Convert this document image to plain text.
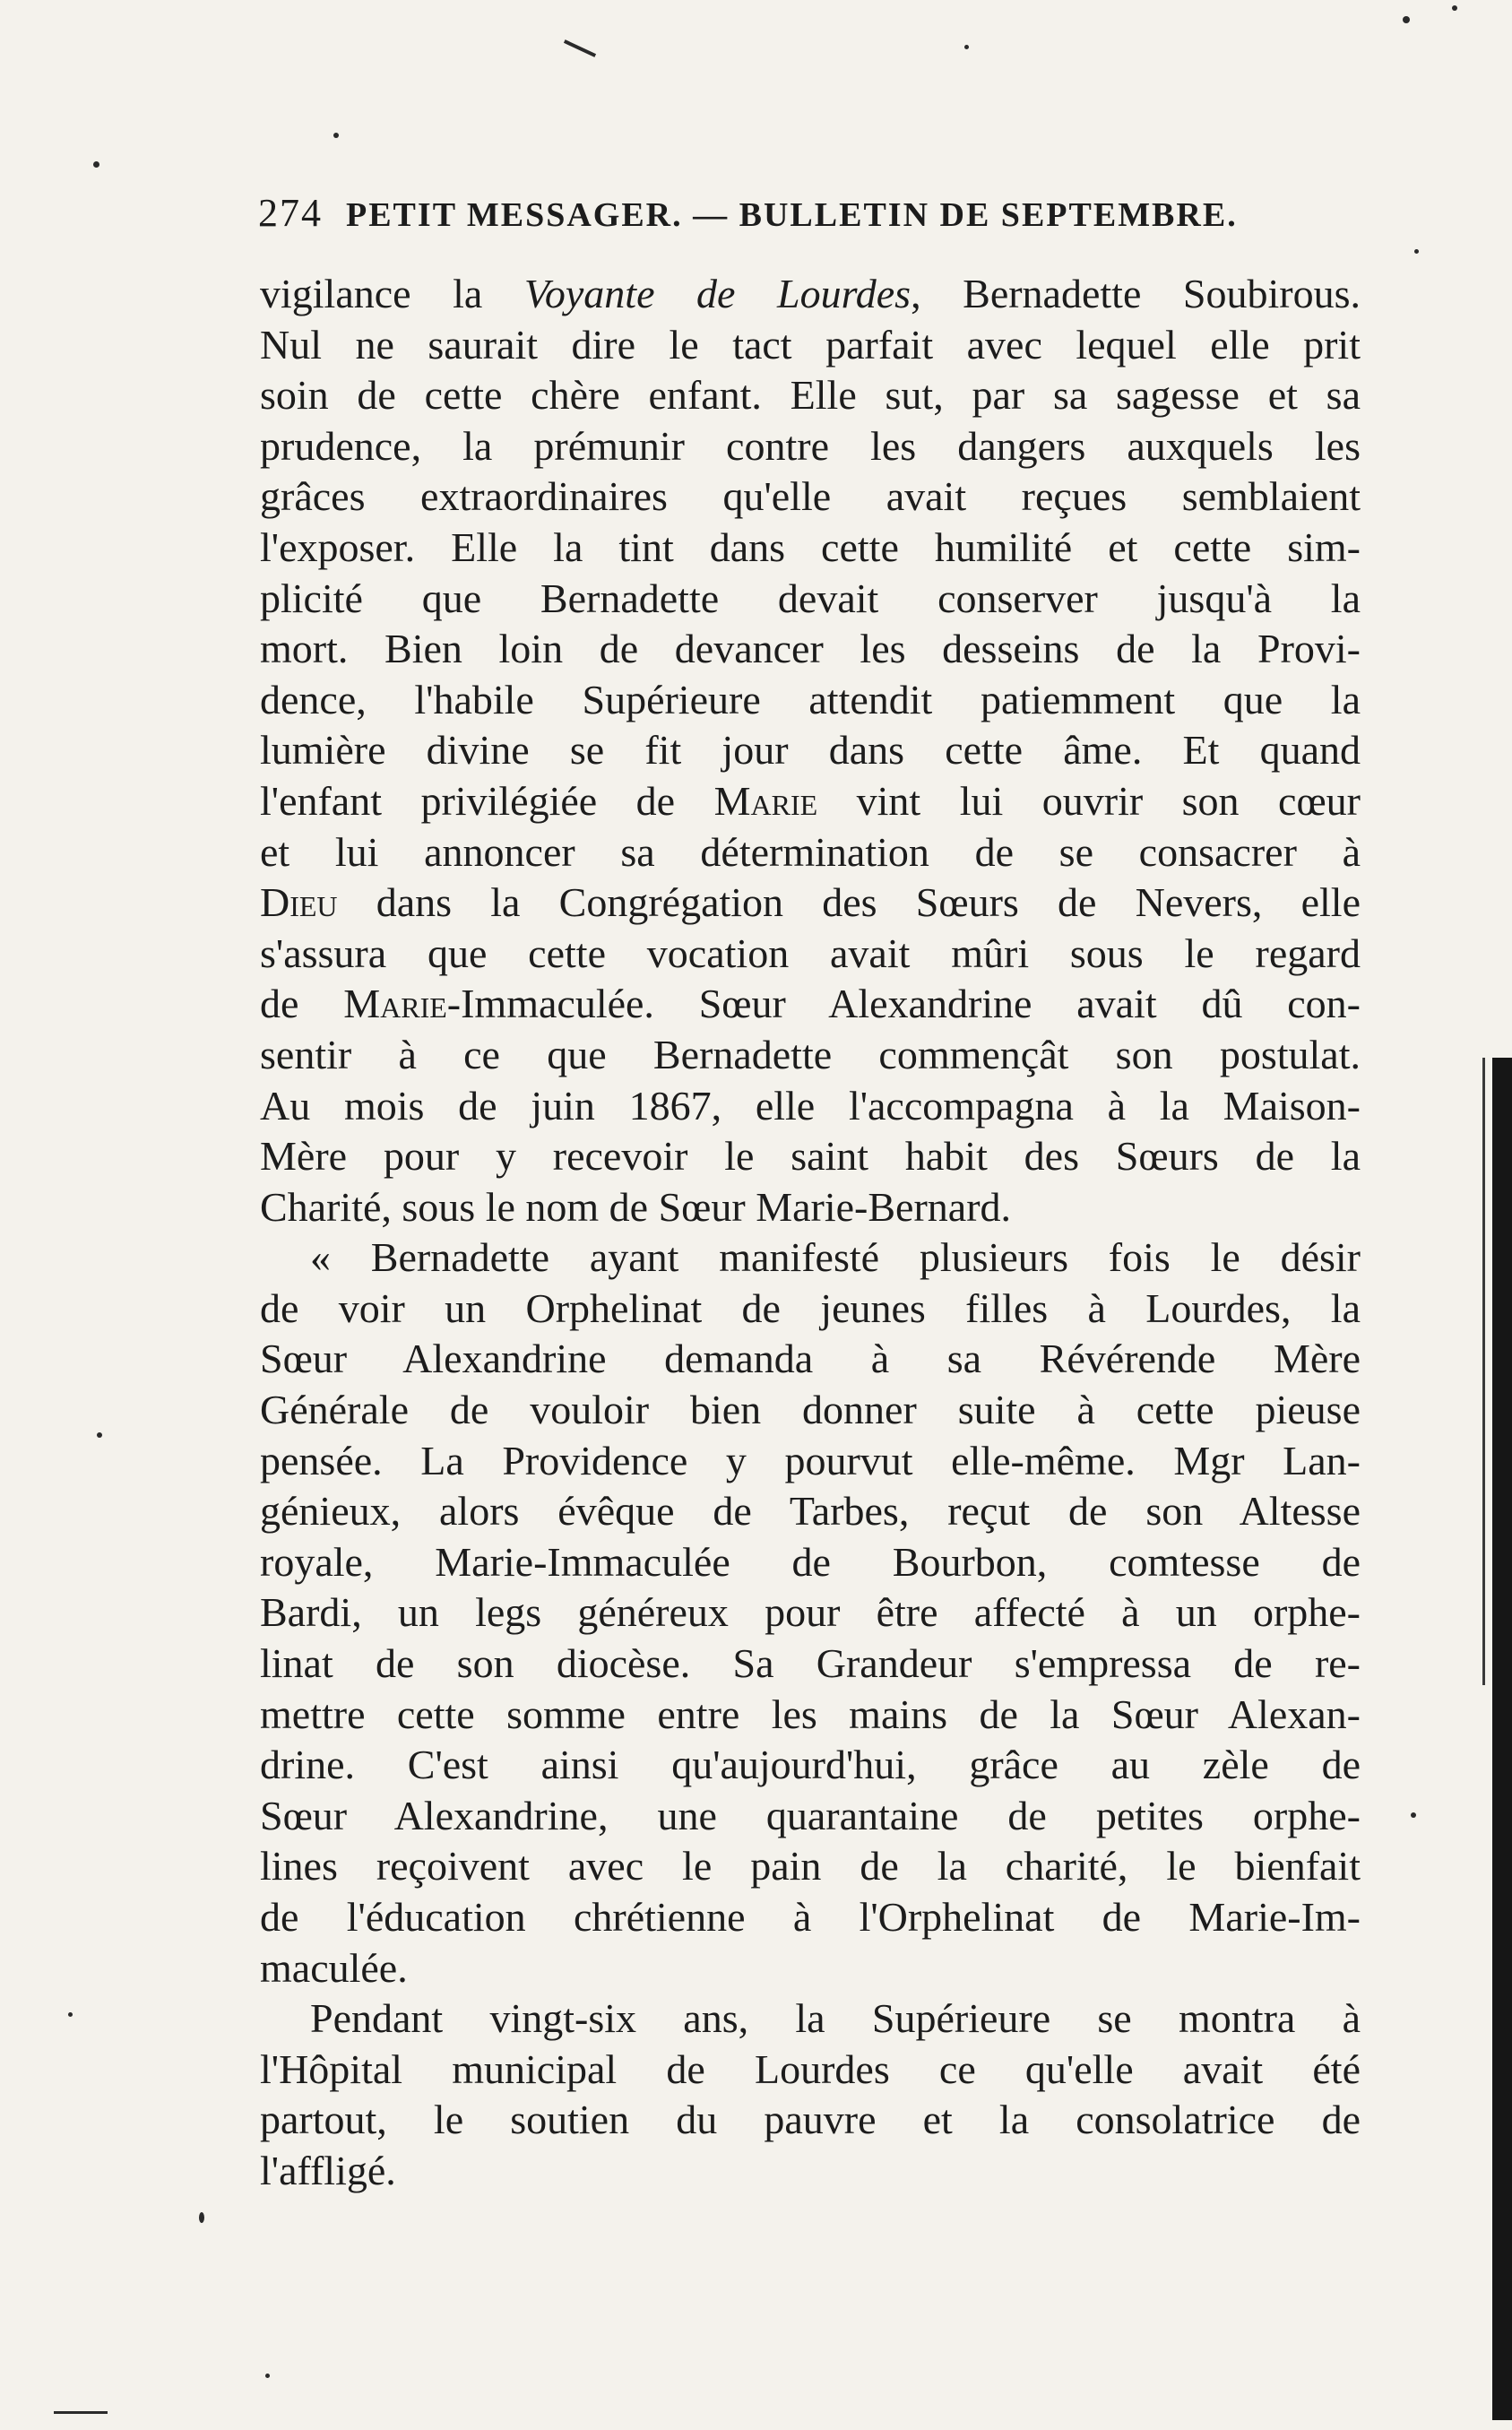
274 PETIT MESSAGER. — BULLETIN DE SEPTEMBRE.
vigilance la Voyante de Lourdes, Bernadette Soubirous.
Nul ne saurait dire le tact parfait avec lequel elle prit
soin de cette chère enfant. Elle sut, par sa sagesse et sa
prudence, la prémunir contre les dangers auxquels les
grâces extraordinaires qu'elle avait reçues semblaient
l'exposer. Elle la tint dans cette humilité et cette sim-
plicité que Bernadette devait conserver jusqu'à la
mort. Bien loin de devancer les desseins de la Provi-
dence, l'habile Supérieure attendit patiemment que la
lumière divine se fit jour dans cette âme. Et quand
l'enfant privilégiée de Marie vint lui ouvrir son cœur
et lui annoncer sa détermination de se consacrer à
Dieu dans la Congrégation des Sœurs de Nevers, elle
s'assura que cette vocation avait mûri sous le regard
de Marie-Immaculée. Sœur Alexandrine avait dû con-
sentir à ce que Bernadette commençât son postulat.
Au mois de juin 1867, elle l'accompagna à la Maison-
Mère pour y recevoir le saint habit des Sœurs de la
Charité, sous le nom de Sœur Marie-Bernard.
« Bernadette ayant manifesté plusieurs fois le désir
de voir un Orphelinat de jeunes filles à Lourdes, la
Sœur Alexandrine demanda à sa Révérende Mère
Générale de vouloir bien donner suite à cette pieuse
pensée. La Providence y pourvut elle-même. Mgr Lan-
génieux, alors évêque de Tarbes, reçut de son Altesse
royale, Marie-Immaculée de Bourbon, comtesse de
Bardi, un legs généreux pour être affecté à un orphe-
linat de son diocèse. Sa Grandeur s'empressa de re-
mettre cette somme entre les mains de la Sœur Alexan-
drine. C'est ainsi qu'aujourd'hui, grâce au zèle de
Sœur Alexandrine, une quarantaine de petites orphe-
lines reçoivent avec le pain de la charité, le bienfait
de l'éducation chrétienne à l'Orphelinat de Marie-Im-
maculée.
Pendant vingt-six ans, la Supérieure se montra à
l'Hôpital municipal de Lourdes ce qu'elle avait été
partout, le soutien du pauvre et la consolatrice de
l'affligé.
